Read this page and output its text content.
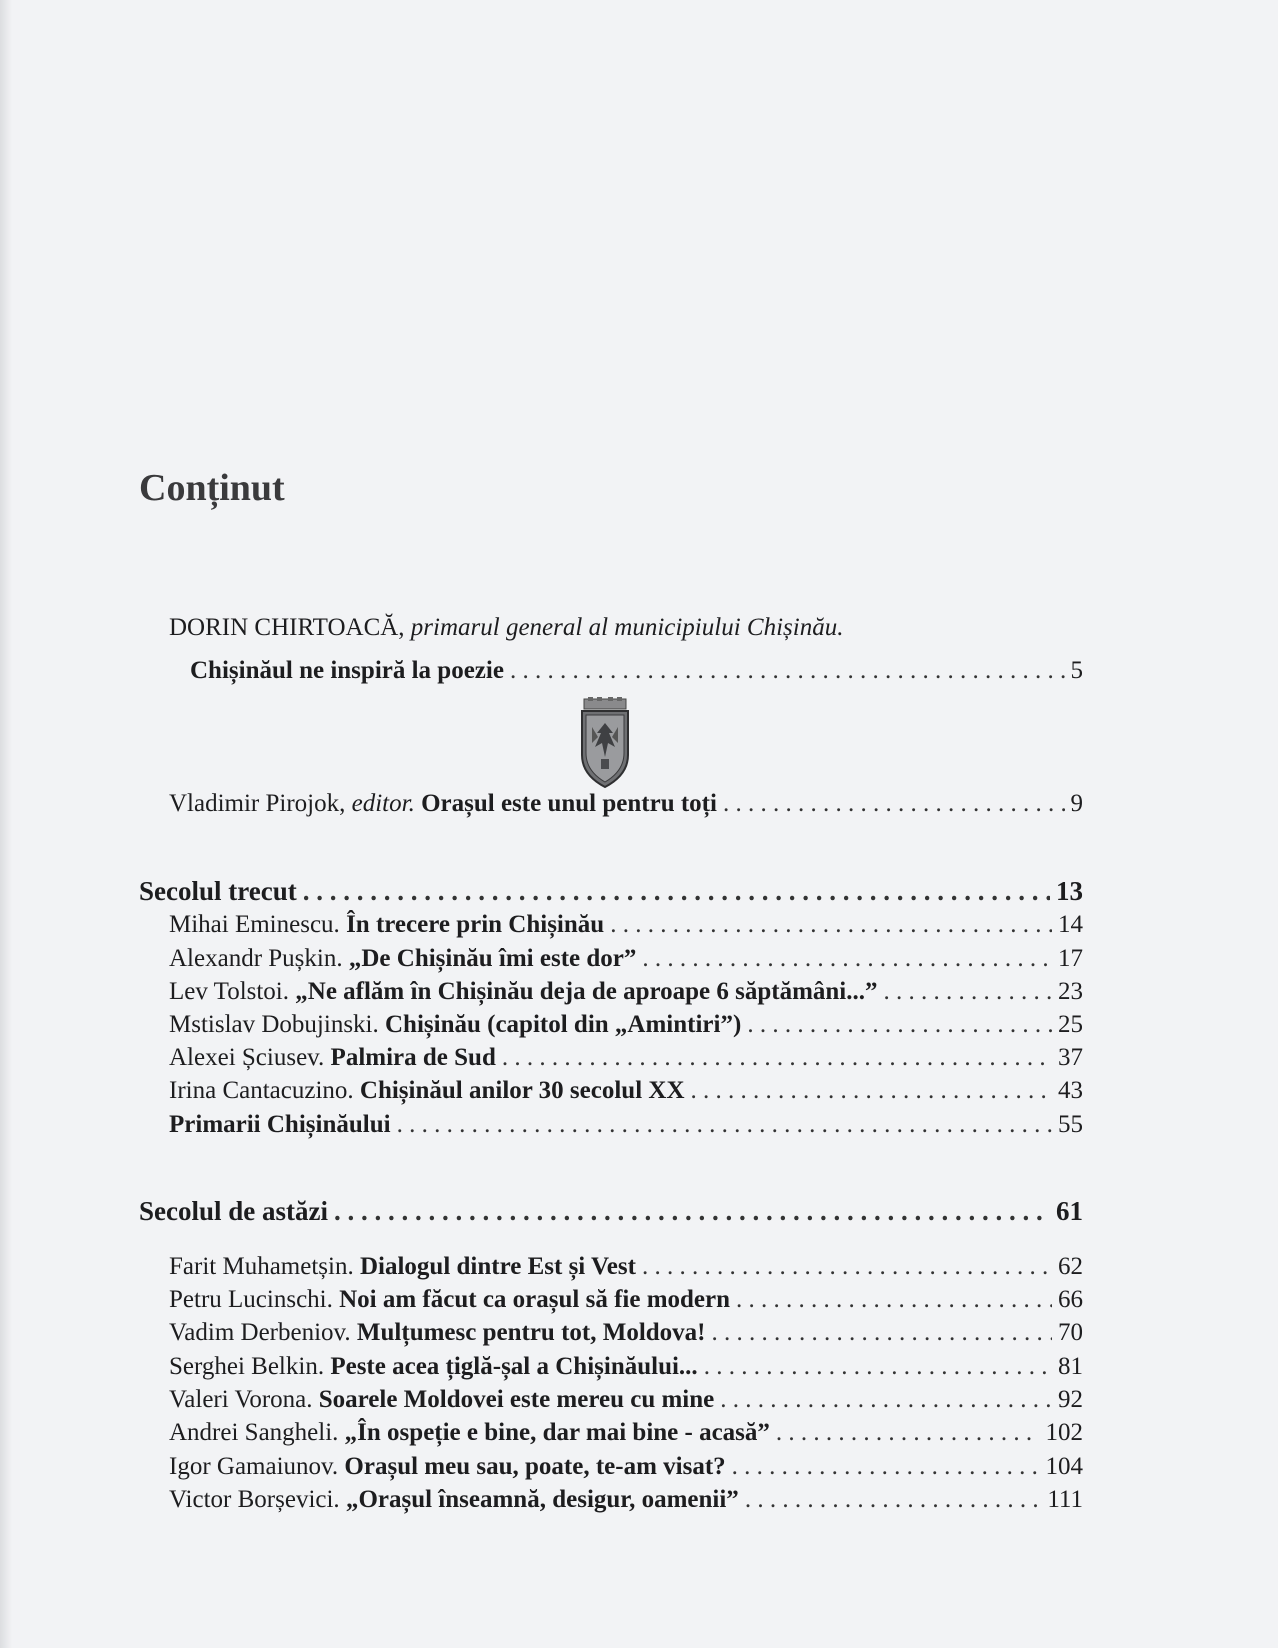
Conținut
DORIN CHIRTOACĂ, primarul general al municipiului Chișinău.
Chișinăul ne inspiră la poezie . . .	5
Vladimir Pirojok, editor. Orașul este unul pentru toți . . .	9
Secolul trecut . . .	13
Mihai Eminescu. În trecere prin Chișinău . . .	14
Alexandr Pușkin. „De Chișinău îmi este dor” . . .	17
Lev Tolstoi. „Ne aflăm în Chișinău deja de aproape 6 săptămâni...” . . .	23
Mstislav Dobujinski. Chișinău (capitol din „Amintiri”) . . .	25
Alexei Șciusev. Palmira de Sud . . .	37
Irina Cantacuzino. Chișinăul anilor 30 secolul XX . . .	43
Primarii Chișinăului . . .	55
Secolul de astăzi . . .	61
Farit Muhametșin. Dialogul dintre Est și Vest . . .	62
Petru Lucinschi. Noi am făcut ca orașul să fie modern . . .	66
Vadim Derbeniov. Mulțumesc pentru tot, Moldova! . . .	70
Serghei Belkin. Peste acea țiglă-șal a Chișinăului... . . .	81
Valeri Vorona. Soarele Moldovei este mereu cu mine . . .	92
Andrei Sangheli. „În ospeție e bine, dar mai bine - acasă” . . .	102
Igor Gamaiunov. Orașul meu sau, poate, te-am visat? . . .	104
Victor Borșevici. „Orașul înseamnă, desigur, oamenii” . . .	111
